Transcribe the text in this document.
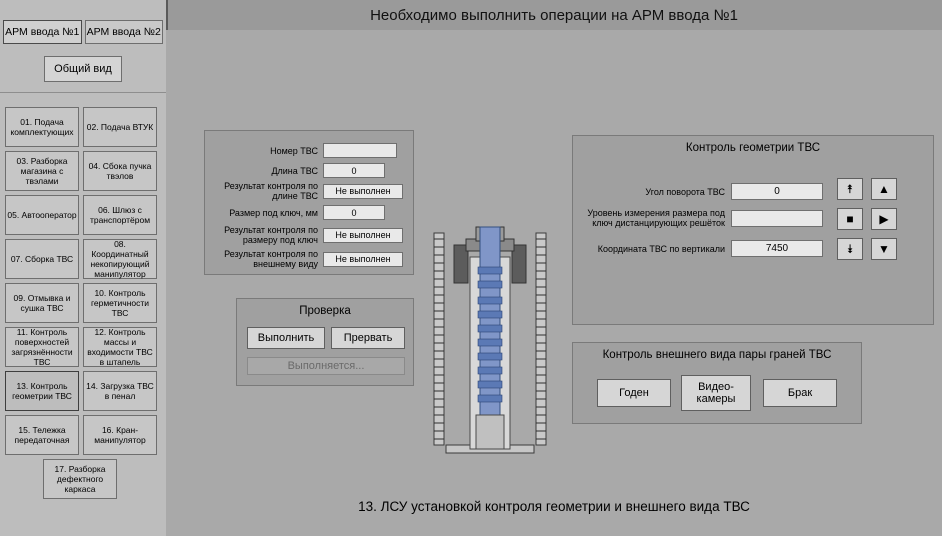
Необходимо выполнить операции на АРМ ввода №1
АРМ ввода №1 АРМ ввода №2
Общий вид
01. Подача комплектующих	02. Подача ВТУК
03. Разборка магазина с твэлами
04. Сбока пучка твэлов
05. Автооператор	06. Шлюз с транспортёром
07. Сборка ТВС
08. Координатный некопирующий манипулятор
09. Отмывка и сушка ТВС
10. Контроль герметичности ТВС
11. Контроль поверхностей загрязнённости ТВС
12. Контроль массы и входимости ТВС в штапель
13. Контроль геометрии ТВС
14. Загрузка ТВС в пенал
15. Тележка передаточная
16. Кран-манипулятор
17. Разборка дефектного каркаса
Номер ТВС
Длина ТВС	0
Результат контроля по длине ТВС	Не выполнен
Размер под ключ, мм	0
Результат контроля по размеру под ключ	Не выполнен
Результат контроля по внешнему виду	Не выполнен
Проверка
Выполнить	Прервать
Выполняется...
Контроль геометрии ТВС
Угол поворота ТВС	0
Уровень измерения размера под ключ дистанцирующих решёток
Координата ТВС по вертикали	7450
⯭	▲
■	▶
⯯	▼
Контроль внешнего вида пары граней ТВС
Годен	Видео-камеры	Брак
13. ЛСУ установкой контроля геометрии и внешнего вида ТВС
